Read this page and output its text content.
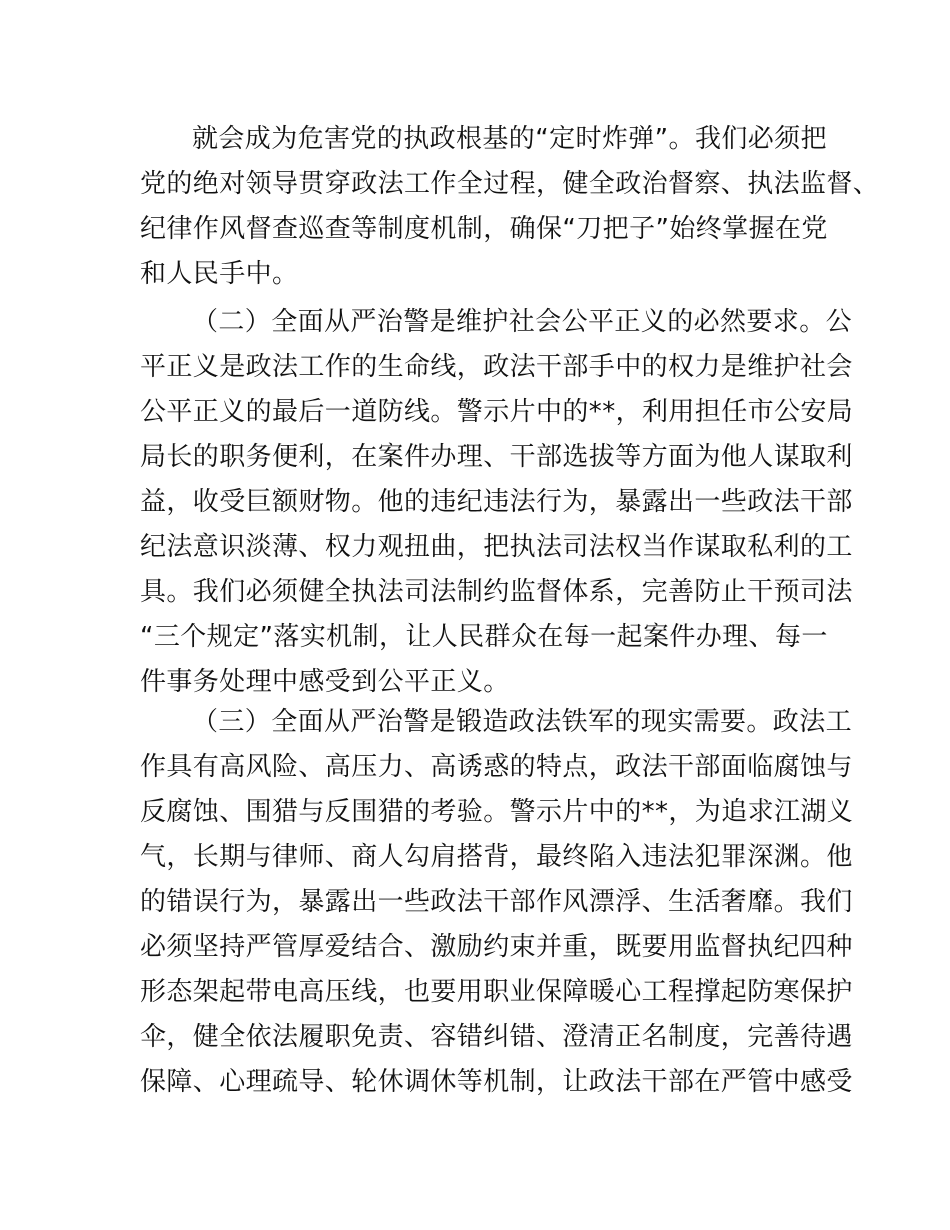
就会成为危害党的执政根基的“定时炸弹”。我们必须把
党的绝对领导贯穿政法工作全过程，健全政治督察、执法监督、
纪律作风督查巡查等制度机制，确保“刀把子”始终掌握在党
和人民手中。
（二）全面从严治警是维护社会公平正义的必然要求。公
平正义是政法工作的生命线，政法干部手中的权力是维护社会
公平正义的最后一道防线。警示片中的**，利用担任市公安局
局长的职务便利，在案件办理、干部选拔等方面为他人谋取利
益，收受巨额财物。他的违纪违法行为，暴露出一些政法干部
纪法意识淡薄、权力观扭曲，把执法司法权当作谋取私利的工
具。我们必须健全执法司法制约监督体系，完善防止干预司法
“三个规定”落实机制，让人民群众在每一起案件办理、每一
件事务处理中感受到公平正义。
（三）全面从严治警是锻造政法铁军的现实需要。政法工
作具有高风险、高压力、高诱惑的特点，政法干部面临腐蚀与
反腐蚀、围猎与反围猎的考验。警示片中的**，为追求江湖义
气，长期与律师、商人勾肩搭背，最终陷入违法犯罪深渊。他
的错误行为，暴露出一些政法干部作风漂浮、生活奢靡。我们
必须坚持严管厚爱结合、激励约束并重，既要用监督执纪四种
形态架起带电高压线，也要用职业保障暖心工程撑起防寒保护
伞，健全依法履职免责、容错纠错、澄清正名制度，完善待遇
保障、心理疏导、轮休调休等机制，让政法干部在严管中感受
